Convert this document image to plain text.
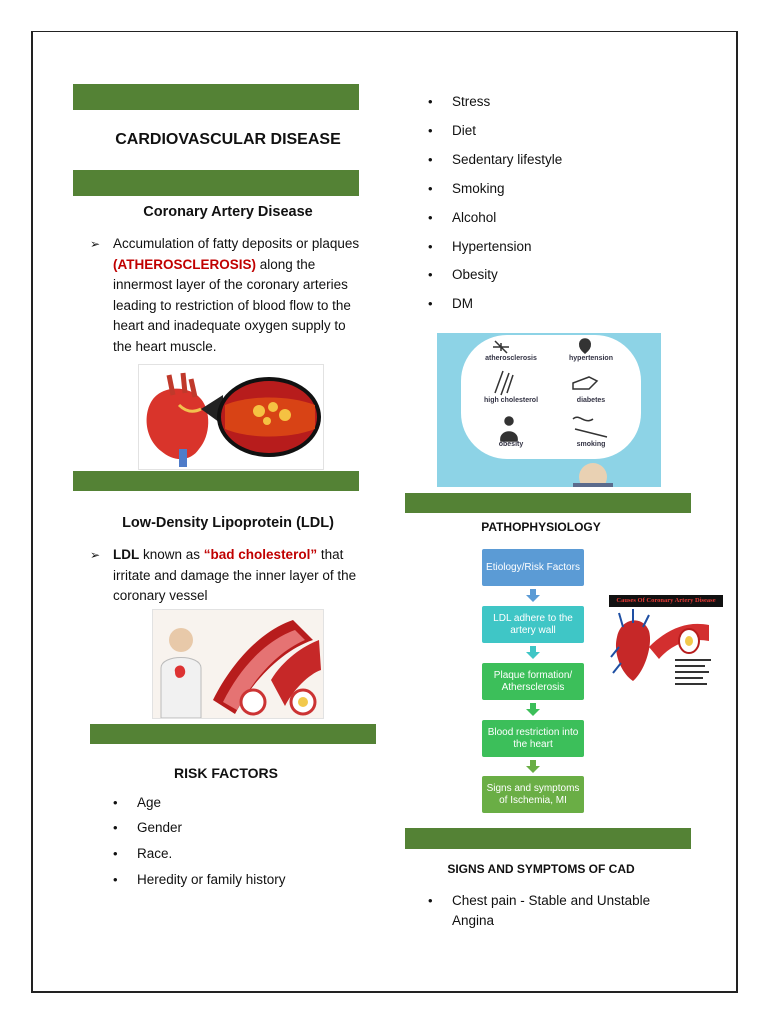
CARDIOVASCULAR DISEASE
Coronary Artery Disease
➢ Accumulation of fatty deposits or plaques (ATHEROSCLEROSIS) along the innermost layer of the coronary arteries leading to restriction of blood flow to the heart and inadequate oxygen supply to the heart muscle.
Low-Density Lipoprotein (LDL)
➢ LDL known as “bad cholesterol” that irritate and damage the inner layer of the coronary vessel
RISK FACTORS
• Age
• Gender
• Race.
• Heredity or family history
• Stress
• Diet
• Sedentary lifestyle
• Smoking
• Alcohol
• Hypertension
• Obesity
• DM
atherosclerosis	hypertension
high cholesterol	diabetes
obesity	smoking
PATHOPHYSIOLOGY
Etiology/Risk Factors
LDL adhere to the artery wall
Plaque formation/ Athersclerosis
Blood restriction into the heart
Signs and symptoms of Ischemia, MI
Causes Of Coronary Artery Disease
SIGNS AND SYMPTOMS OF CAD
• Chest pain - Stable and Unstable Angina
